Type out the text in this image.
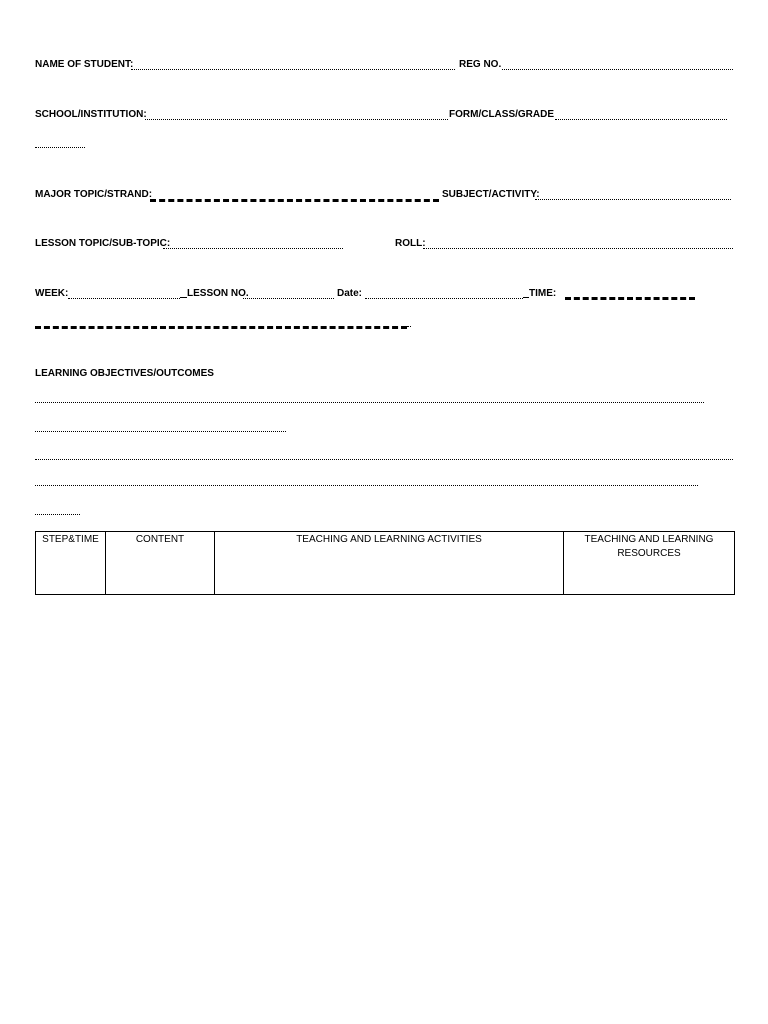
NAME OF STUDENT:	REG NO.
SCHOOL/INSTITUTION:	FORM/CLASS/GRADE
MAJOR TOPIC/STRAND:	SUBJECT/ACTIVITY:
LESSON TOPIC/SUB-TOPIC:	ROLL:
WEEK:	LESSON NO.	Date:	TIME:
LEARNING OBJECTIVES/OUTCOMES
STEP&TIME	CONTENT	TEACHING AND LEARNING ACTIVITIES	TEACHING AND LEARNING RESOURCES
